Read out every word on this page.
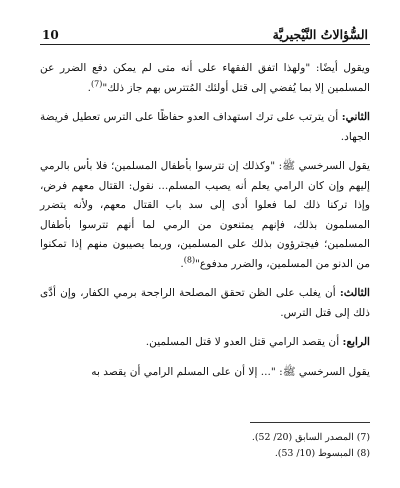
السُّؤالاتُ النَّيْجيريَّة
10

ويقول أيضًا: "ولهذا اتفق الفقهاء على أنه متى لم يمكن دفع الضرر عن المسلمين إلا بما يُفضي إلى قتل أولئك المُتترس بهم جاز ذلك"$^{(7)}$.

الثاني: أن يترتب على ترك استهداف العدو حفاظًا على الترس تعطيل فريضة الجهاد.

يقول السرخسي ﷺ: "وكذلك إن تترسوا بأطفال المسلمين؛ فلا بأس بالرمي إليهم وإن كان الرامي يعلم أنه يصيب المسلم... نقول: القتال معهم فرض، وإذا تركنا ذلك لما فعلوا أدى إلى سد باب القتال معهم، ولأنه يتضرر المسلمون بذلك، فإنهم يمتنعون من الرمي لما أنهم تترسوا بأطفال المسلمين؛ فيجترؤون بذلك على المسلمين، وربما يصيبون منهم إذا تمكنوا من الدنو من المسلمين، والضرر مدفوع"$^{(8)}$.

الثالث: أن يغلب على الظن تحقق المصلحة الراجحة برمي الكفار، وإن أدَّى ذلك إلى قتل الترس.

الرابع: أن يقصد الرامي قتل العدو لا قتل المسلمين.

يقول السرخسي ﷺ: "... إلا أن على المسلم الرامي أن يقصد به

(7) المصدر السابق (20/ 52).

(8) المبسوط (10/ 53).
